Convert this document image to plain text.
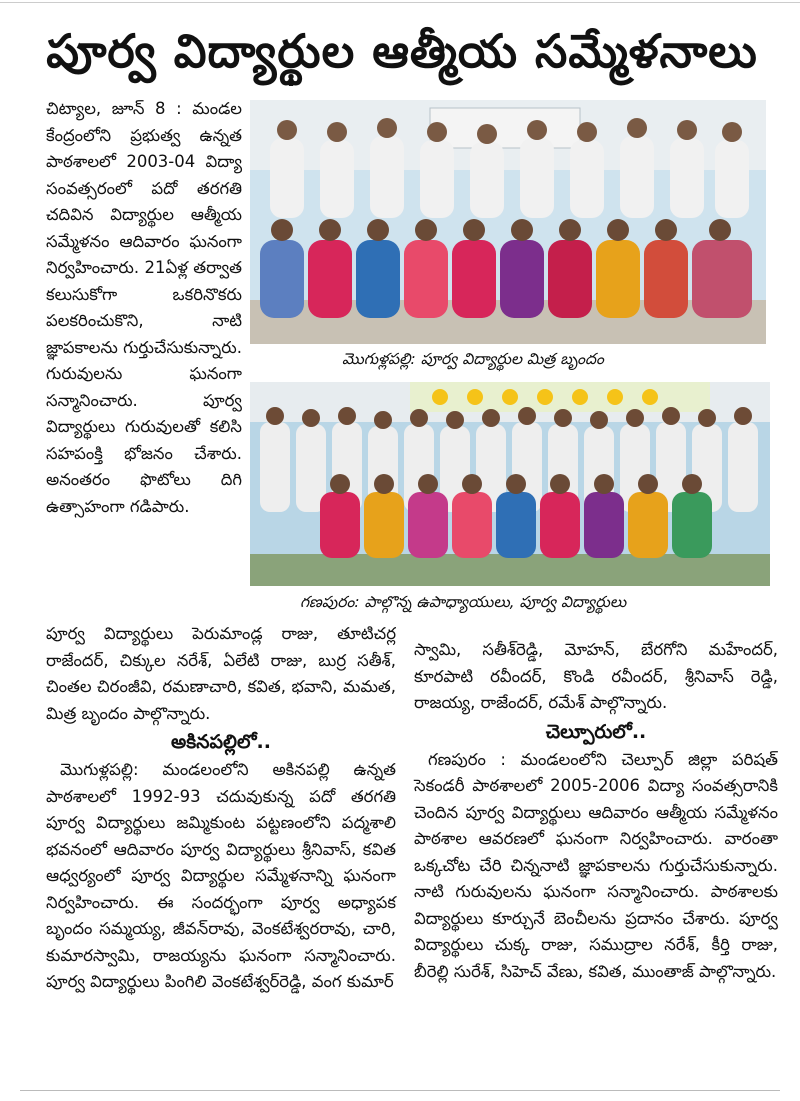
పూర్వ విద్యార్థుల ఆత్మీయ సమ్మేళనాలు

చిట్యాల, జూన్ 8 : మండల కేంద్రంలోని ప్రభుత్వ ఉన్నత పాఠశాలలో 2003-04 విద్యా సంవత్సరంలో పదో తరగతి చదివిన విద్యార్థుల ఆత్మీయ సమ్మేళనం ఆదివారం ఘనంగా నిర్వహించారు. 21ఏళ్ల తర్వాత కలుసుకోగా ఒకరినొకరు పలకరించుకొని, నాటి జ్ఞాపకాలను గుర్తుచేసుకున్నారు. గురువులను ఘనంగా సన్మానించారు. పూర్వ విద్యార్థులు గురువులతో కలిసి సహపంక్తి భోజనం చేశారు. అనంతరం ఫొటోలు దిగి ఉత్సాహంగా గడిపారు.

మొగుళ్లపల్లి: పూర్వ విద్యార్థుల మిత్ర బృందం
గణపురం: పాల్గొన్న ఉపాధ్యాయులు, పూర్వ విద్యార్థులు

పూర్వ విద్యార్థులు పెరుమాండ్ల రాజు, తూటిచర్ల రాజేందర్, చిక్కుల నరేశ్, ఏలేటి రాజు, బుర్ర సతీశ్, చింతల చిరంజీవి, రమణాచారి, కవిత, భవాని, మమత, మిత్ర బృందం పాల్గొన్నారు.

అకినపల్లిలో..

మొగుళ్లపల్లి: మండలంలోని అకినపల్లి ఉన్నత పాఠశాలలో 1992-93 చదువుకున్న పదో తరగతి పూర్వ విద్యార్థులు జమ్మికుంట పట్టణంలోని పద్మశాలి భవనంలో ఆదివారం పూర్వ విద్యార్థులు శ్రీనివాస్, కవిత ఆధ్వర్యంలో పూర్వ విద్యార్థుల సమ్మేళనాన్ని ఘనంగా నిర్వహించారు. ఈ సందర్భంగా పూర్వ అధ్యాపక బృందం సమ్మయ్య, జీవన్‌రావు, వెంకటేశ్వరరావు, చారి, కుమారస్వామి, రాజయ్యను ఘనంగా సన్మానించారు. పూర్వ విద్యార్థులు పింగిలి వెంకటేశ్వర్‌రెడ్డి, వంగ కుమార్

స్వామి, సతీశ్‌రెడ్డి, మోహన్, బేరగోని మహేందర్, కూరపాటి రవీందర్, కొండి రవీందర్, శ్రీనివాస్ రెడ్డి, రాజయ్య, రాజేందర్, రమేశ్ పాల్గొన్నారు.

చెల్పూరులో..

గణపురం : మండలంలోని చెల్పూర్ జిల్లా పరిషత్ సెకండరీ పాఠశాలలో 2005-2006 విద్యా సంవత్సరానికి చెందిన పూర్వ విద్యార్థులు ఆదివారం ఆత్మీయ సమ్మేళనం పాఠశాల ఆవరణలో ఘనంగా నిర్వహించారు. వారంతా ఒక్కచోట చేరి చిన్ననాటి జ్ఞాపకాలను గుర్తుచేసుకున్నారు. నాటి గురువులను ఘనంగా సన్మానించారు. పాఠశాలకు విద్యార్థులు కూర్చునే బెంచీలను ప్రదానం చేశారు. పూర్వ విద్యార్థులు చుక్క రాజు, సముద్రాల నరేశ్, కీర్తి రాజు, బీరెల్లి సురేశ్, సిహెచ్ వేణు, కవిత, ముంతాజ్ పాల్గొన్నారు.
